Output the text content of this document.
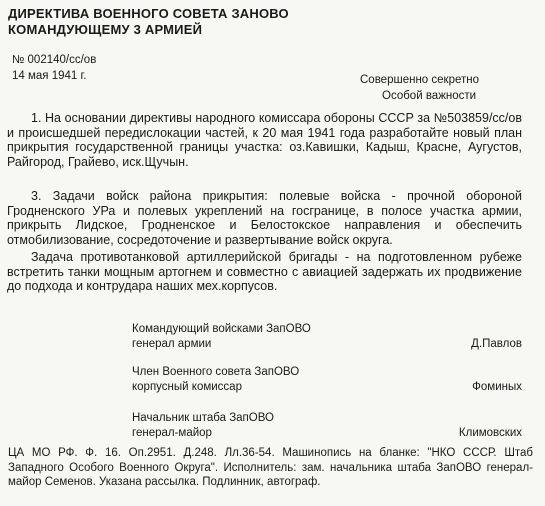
ДИРЕКТИВА ВОЕННОГО СОВЕТА ЗАНОВО
КОМАНДУЮЩЕМУ 3 АРМИЕЙ
№ 002140/сс/ов
14 мая 1941 г.	Совершенно секретно
Особой важности
1. На основании директивы народного комиссара обороны СССР за №503859/сс/ов и происшедшей передислокации частей, к 20 мая 1941 года разработайте новый план прикрытия государственной границы участка: оз.Кавишки, Кадыш, Красне, Аугустов, Райгород, Грайево, иск.Щучын.
3. Задачи войск района прикрытия: полевые войска - прочной обороной Гродненского УРа и полевых укреплений на госгранице, в полосе участка армии, прикрыть Лидское, Гродненское и Белостокское направления и обеспечить отмобилизование, сосредоточение и развертывание войск округа.
Задача противотанковой артиллерийской бригады - на подготовленном рубеже встретить танки мощным артогнем и совместно с авиацией задержать их продвижение до подхода и контрудара наших мех.корпусов.
Командующий войсками ЗапОВО
генерал армии	Д.Павлов
Член Военного совета ЗапОВО
корпусный комиссар	Фоминых
Начальник штаба ЗапОВО
генерал-майор	Климовских
ЦА МО РФ. Ф. 16. Оп.2951. Д.248. Лл.36-54. Машинопись на бланке: "НКО СССР. Штаб Западного Особого Военного Округа". Исполнитель: зам. начальника штаба ЗапОВО генерал-майор Семенов. Указана рассылка. Подлинник, автограф.
